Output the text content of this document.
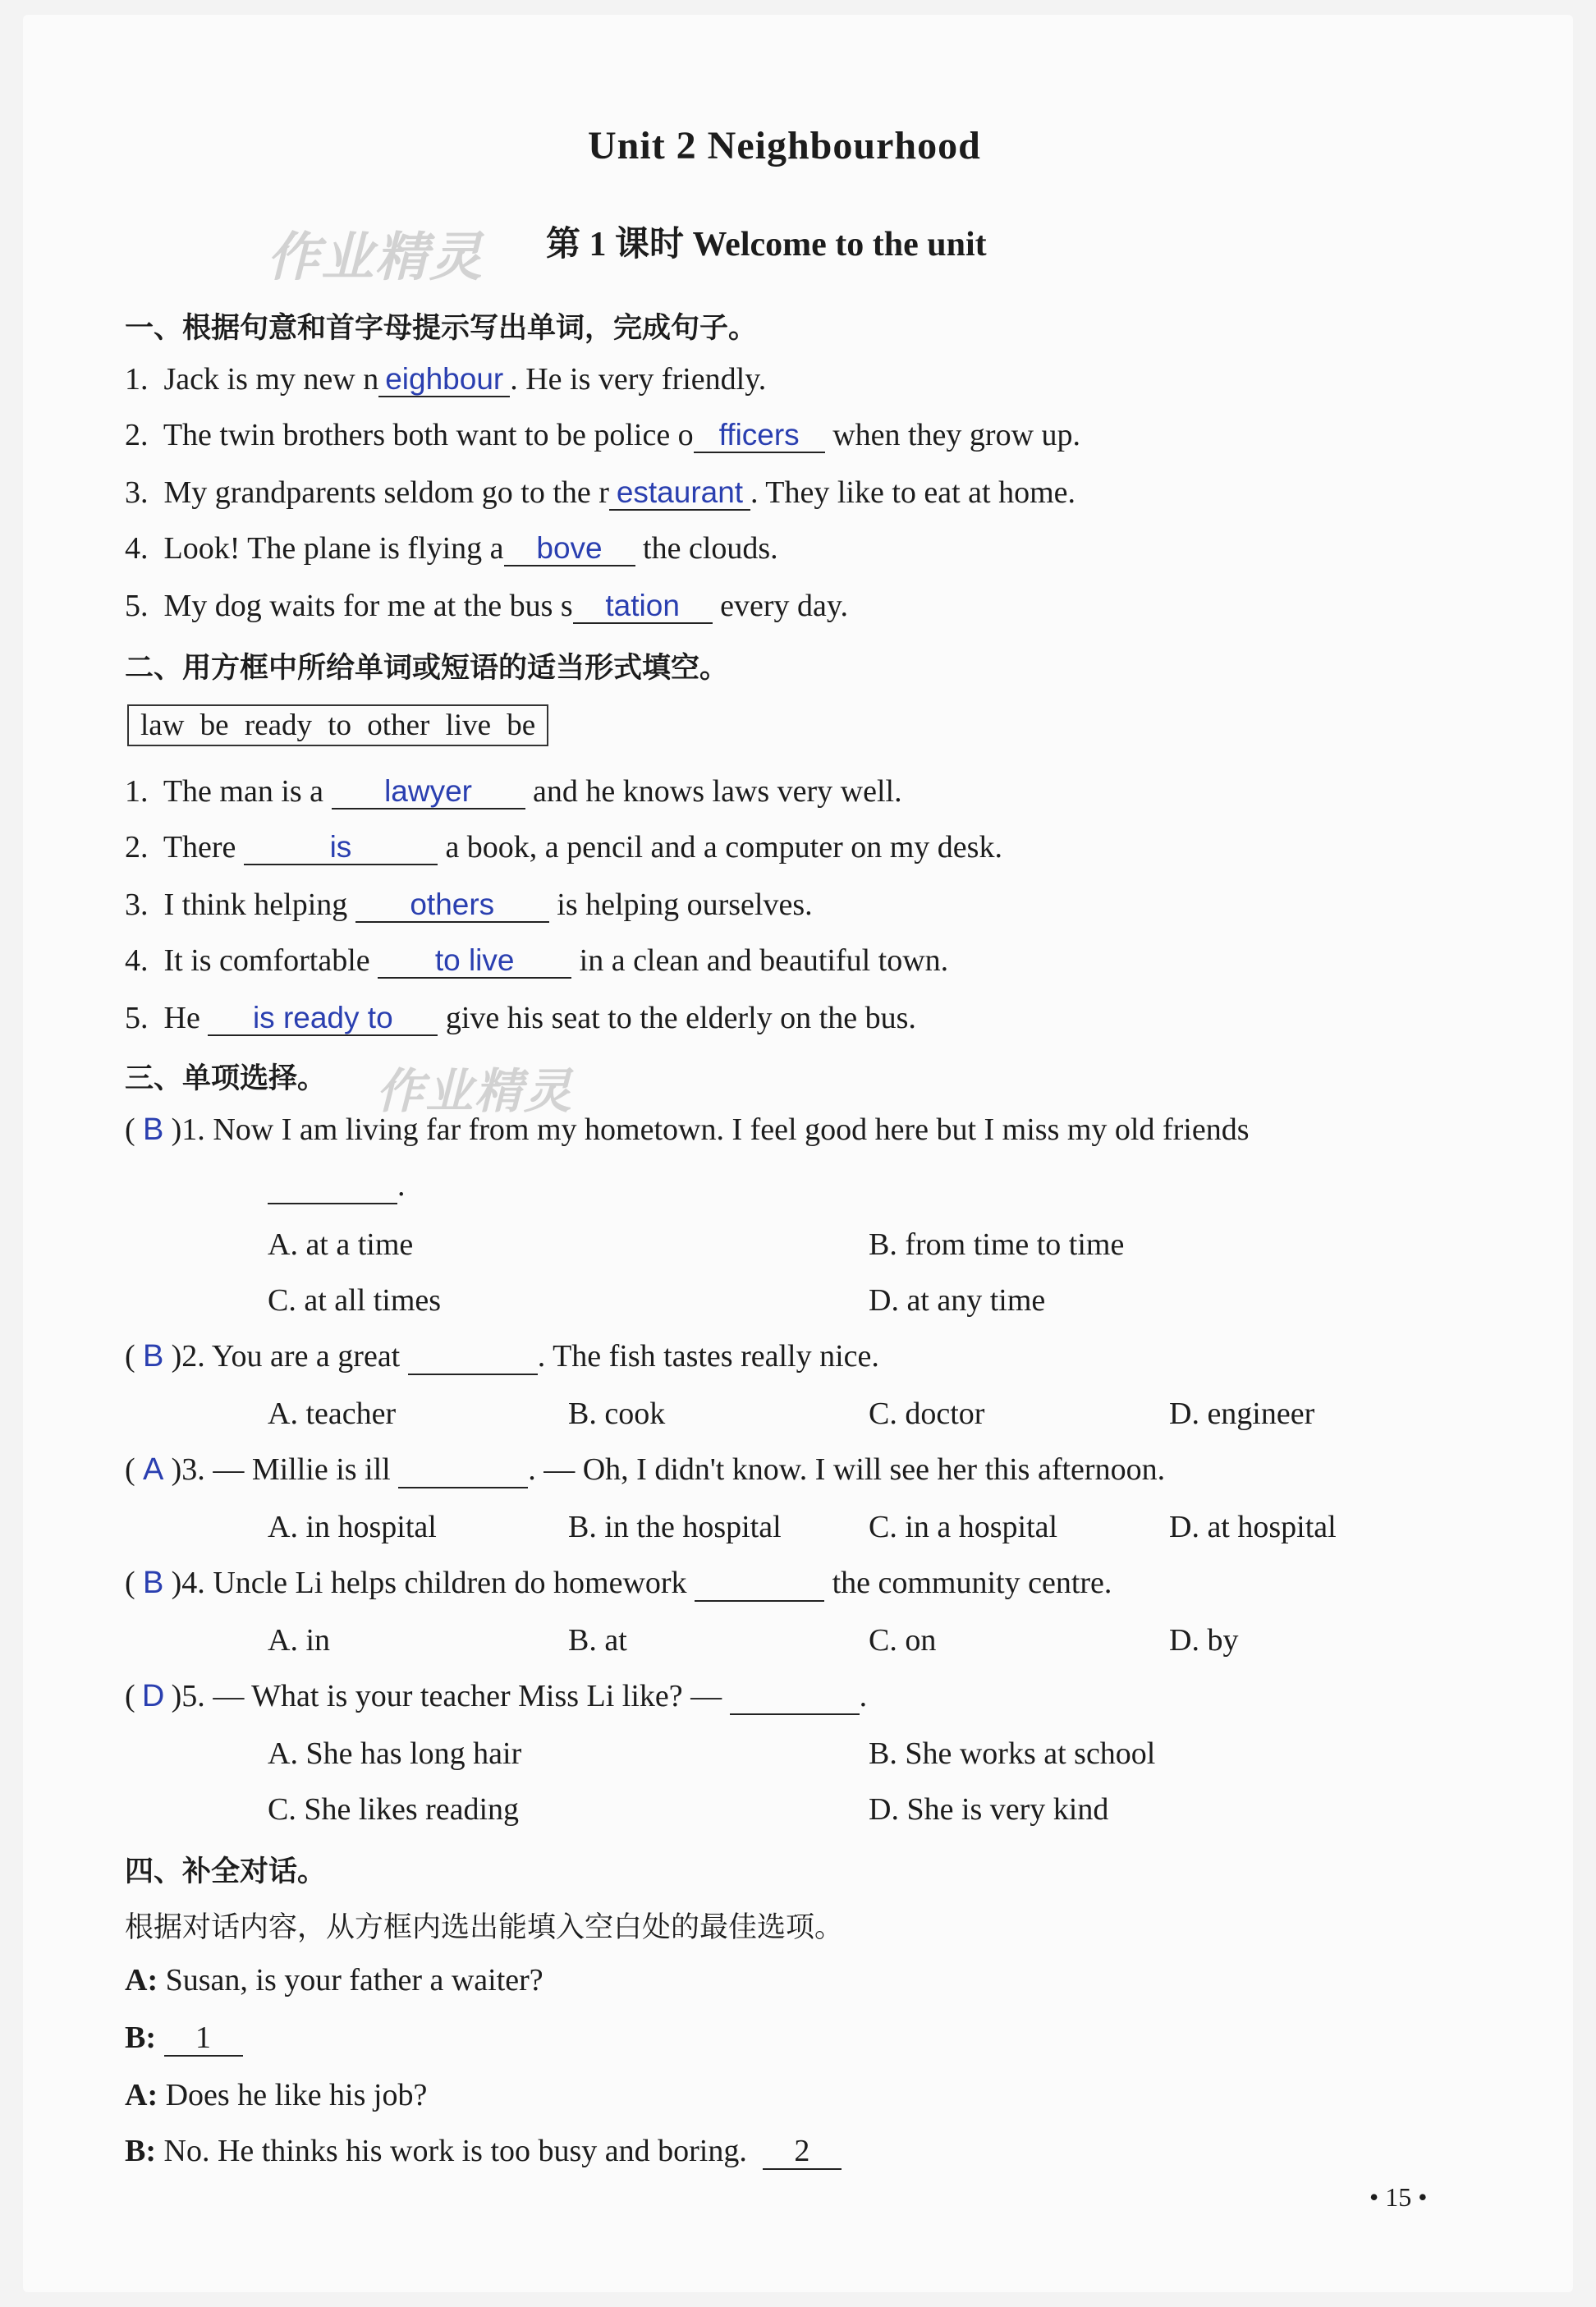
Unit 2 Neighbourhood
作业精灵 第 1 课时 Welcome to the unit
一、根据句意和首字母提示写出单词，完成句子。
1. Jack is my new n eighbour . He is very friendly.
2. The twin brothers both want to be police o fficers when they grow up.
3. My grandparents seldom go to the r estaurant . They like to eat at home.
4. Look! The plane is flying a bove the clouds.
5. My dog waits for me at the bus s tation every day.
二、用方框中所给单词或短语的适当形式填空。
law be ready to other live be
1. The man is a lawyer and he knows laws very well.
2. There	is	a book, a pencil and a computer on my desk.
3. I think helping others is helping ourselves.
4. It is comfortable to live in a clean and beautiful town.
5. He is ready to give his seat to the elderly on the bus.
三、单项选择。 作业精灵
( B )1. Now I am living far from my hometown. I feel good here but I miss my old friends
.
A. at a time	B. from time to time
C. at all times	D. at any time
( B )2. You are a great	. The fish tastes really nice.
A. teacher	B. cook	C. doctor	D. engineer
( A )3. — Millie is ill	. — Oh, I didn't know. I will see her this afternoon.
A. in hospital	B. in the hospital	C. in a hospital	D. at hospital
( B )4. Uncle Li helps children do homework	the community centre.
A. in	B. at	C. on	D. by
( D )5. — What is your teacher Miss Li like? —	.
A. She has long hair	B. She works at school
C. She likes reading	D. She is very kind
四、补全对话。
根据对话内容，从方框内选出能填入空白处的最佳选项。
A: Susan, is your father a waiter?
B: 1
A: Does he like his job?
B: No. He thinks his work is too busy and boring. 2
• 15 •
